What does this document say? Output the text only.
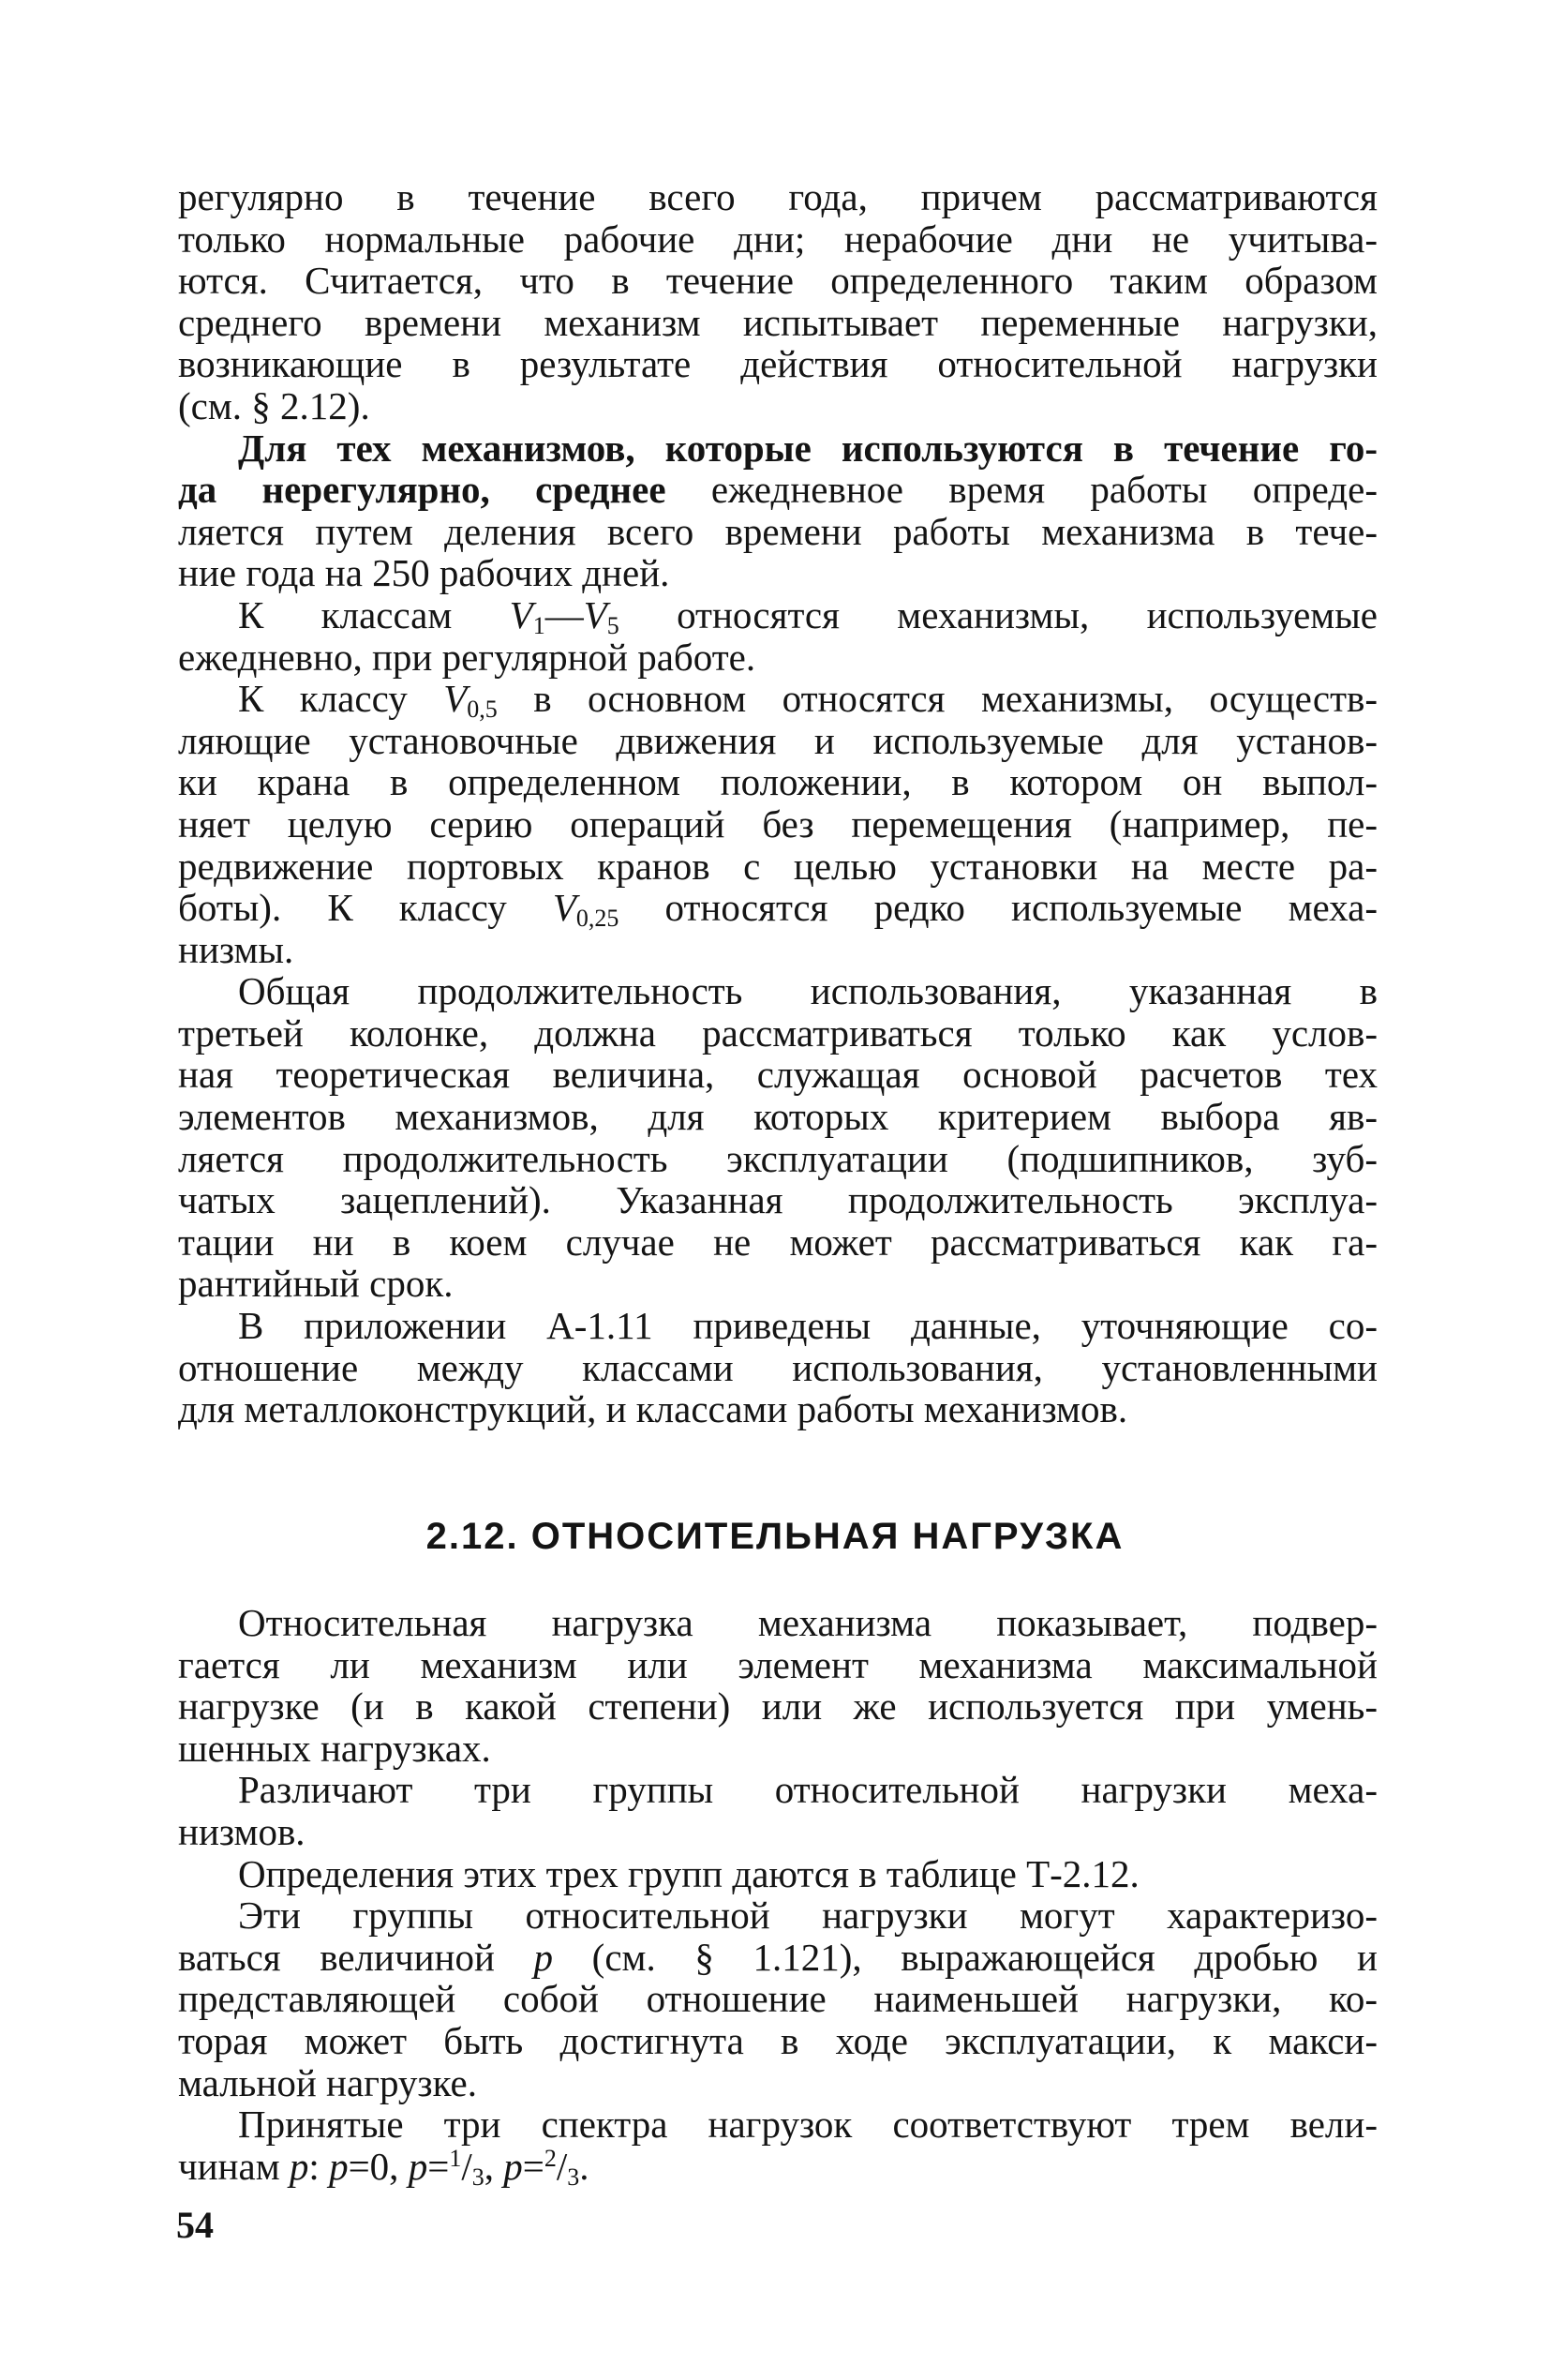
регулярно в течение всего года, причем рассматриваются
только нормальные рабочие дни; нерабочие дни не учитыва-
ются. Считается, что в течение определенного таким образом
среднего времени механизм испытывает переменные нагрузки,
возникающие в результате действия относительной нагрузки
(см. § 2.12).
Для тех механизмов, которые используются в течение го-
да нерегулярно, среднее ежедневное время работы опреде-
ляется путем деления всего времени работы механизма в тече-
ние года на 250 рабочих дней.
К классам $V_1—V_5$ относятся механизмы, используемые
ежедневно, при регулярной работе.
К классу $V_{0,5}$ в основном относятся механизмы, осуществ-
ляющие установочные движения и используемые для установ-
ки крана в определенном положении, в котором он выпол-
няет целую серию операций без перемещения (например, пе-
редвижение портовых кранов с целью установки на месте ра-
боты). К классу $V_{0,25}$ относятся редко используемые меха-
низмы.
Общая продолжительность использования, указанная в
третьей колонке, должна рассматриваться только как услов-
ная теоретическая величина, служащая основой расчетов тех
элементов механизмов, для которых критерием выбора яв-
ляется продолжительность эксплуатации (подшипников, зуб-
чатых зацеплений). Указанная продолжительность эксплуа-
тации ни в коем случае не может рассматриваться как га-
рантийный срок.
В приложении А-1.11 приведены данные, уточняющие со-
отношение между классами использования, установленными
для металлоконструкций, и классами работы механизмов.
2.12. ОТНОСИТЕЛЬНАЯ НАГРУЗКА
Относительная нагрузка механизма показывает, подвер-
гается ли механизм или элемент механизма максимальной
нагрузке (и в какой степени) или же используется при умень-
шенных нагрузках.
Различают три группы относительной нагрузки меха-
низмов.
Определения этих трех групп даются в таблице Т-2.12.
Эти группы относительной нагрузки могут характеризо-
ваться величиной p (см. § 1.121), выражающейся дробью и
представляющей собой отношение наименьшей нагрузки, ко-
торая может быть достигнута в ходе эксплуатации, к макси-
мальной нагрузке.
Принятые три спектра нагрузок соответствуют трем вели-
чинам p: p=0, $p=^1/_3$, $p=^2/_3$.
54
